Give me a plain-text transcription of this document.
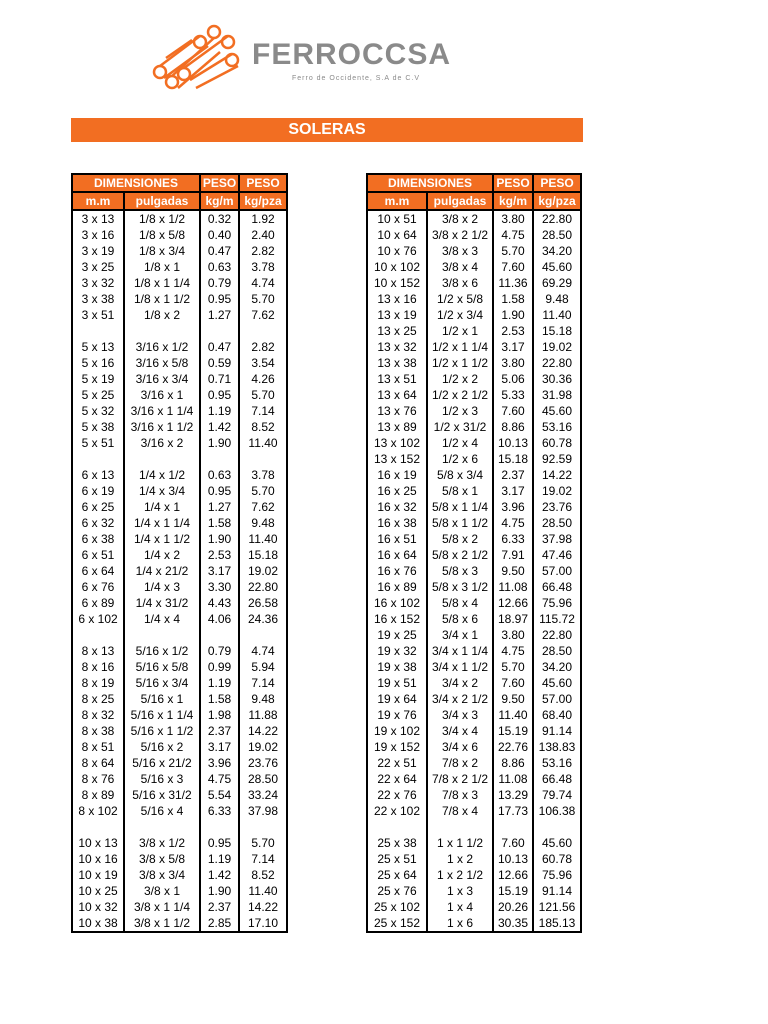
FERROCCSA
Ferro de Occidente, S.A de C.V
SOLERAS
DIMENSIONES		PESO	PESO
m.m	pulgadas	kg/m	kg/pza
3 x 13	1/8 x 1/2	0.32	1.92
3 x 16	1/8 x 5/8	0.40	2.40
3 x 19	1/8 x 3/4	0.47	2.82
3 x 25	1/8 x 1	0.63	3.78
3 x 32	1/8 x 1 1/4	0.79	4.74
3 x 38	1/8 x 1 1/2	0.95	5.70
3 x 51	1/8 x 2	1.27	7.62

5 x 13	3/16 x 1/2	0.47	2.82
5 x 16	3/16 x 5/8	0.59	3.54
5 x 19	3/16 x 3/4	0.71	4.26
5 x 25	3/16 x 1	0.95	5.70
5 x 32	3/16 x 1 1/4	1.19	7.14
5 x 38	3/16 x 1 1/2	1.42	8.52
5 x 51	3/16 x 2	1.90	11.40

6 x 13	1/4 x 1/2	0.63	3.78
6 x 19	1/4 x 3/4	0.95	5.70
6 x 25	1/4 x 1	1.27	7.62
6 x 32	1/4 x 1 1/4	1.58	9.48
6 x 38	1/4 x 1 1/2	1.90	11.40
6 x 51	1/4 x 2	2.53	15.18
6 x 64	1/4 x 21/2	3.17	19.02
6 x 76	1/4 x 3	3.30	22.80
6 x 89	1/4 x 31/2	4.43	26.58
6 x 102	1/4 x 4	4.06	24.36

8 x 13	5/16 x 1/2	0.79	4.74
8 x 16	5/16 x 5/8	0.99	5.94
8 x 19	5/16 x 3/4	1.19	7.14
8 x 25	5/16 x 1	1.58	9.48
8 x 32	5/16 x 1 1/4	1.98	11.88
8 x 38	5/16 x 1 1/2	2.37	14.22
8 x 51	5/16 x 2	3.17	19.02
8 x 64	5/16 x 21/2	3.96	23.76
8 x 76	5/16 x 3	4.75	28.50
8 x 89	5/16 x 31/2	5.54	33.24
8 x 102	5/16 x 4	6.33	37.98

10 x 13	3/8 x 1/2	0.95	5.70
10 x 16	3/8 x 5/8	1.19	7.14
10 x 19	3/8 x 3/4	1.42	8.52
10 x 25	3/8 x 1	1.90	11.40
10 x 32	3/8 x 1 1/4	2.37	14.22
10 x 38	3/8 x 1 1/2	2.85	17.10
DIMENSIONES		PESO	PESO
m.m	pulgadas	kg/m	kg/pza
10 x 51	3/8 x 2	3.80	22.80
10 x 64	3/8 x 2 1/2	4.75	28.50
10 x 76	3/8 x 3	5.70	34.20
10 x 102	3/8 x 4	7.60	45.60
10 x 152	3/8 x 6	11.36	69.29
13 x 16	1/2 x 5/8	1.58	9.48
13 x 19	1/2 x 3/4	1.90	11.40
13 x 25	1/2 x 1	2.53	15.18
13 x 32	1/2 x 1 1/4	3.17	19.02
13 x 38	1/2 x 1 1/2	3.80	22.80
13 x 51	1/2 x 2	5.06	30.36
13 x 64	1/2 x 2 1/2	5.33	31.98
13 x 76	1/2 x 3	7.60	45.60
13 x 89	1/2 x 31/2	8.86	53.16
13 x 102	1/2 x 4	10.13	60.78
13 x 152	1/2 x 6	15.18	92.59
16 x 19	5/8 x 3/4	2.37	14.22
16 x 25	5/8 x 1	3.17	19.02
16 x 32	5/8 x 1 1/4	3.96	23.76
16 x 38	5/8 x 1 1/2	4.75	28.50
16 x 51	5/8 x 2	6.33	37.98
16 x 64	5/8 x 2 1/2	7.91	47.46
16 x 76	5/8 x 3	9.50	57.00
16 x 89	5/8 x 3 1/2	11.08	66.48
16 x 102	5/8 x 4	12.66	75.96
16 x 152	5/8 x 6	18.97	115.72
19 x 25	3/4 x 1	3.80	22.80
19 x 32	3/4 x 1 1/4	4.75	28.50
19 x 38	3/4 x 1 1/2	5.70	34.20
19 x 51	3/4 x 2	7.60	45.60
19 x 64	3/4 x 2 1/2	9.50	57.00
19 x 76	3/4 x 3	11.40	68.40
19 x 102	3/4 x 4	15.19	91.14
19 x 152	3/4 x 6	22.76	138.83
22 x 51	7/8 x 2	8.86	53.16
22 x 64	7/8 x 2 1/2	11.08	66.48
22 x 76	7/8 x 3	13.29	79.74
22 x 102	7/8 x 4	17.73	106.38

25 x 38	1 x 1 1/2	7.60	45.60
25 x 51	1 x 2	10.13	60.78
25 x 64	1 x 2 1/2	12.66	75.96
25 x 76	1 x 3	15.19	91.14
25 x 102	1 x 4	20.26	121.56
25 x 152	1 x 6	30.35	185.13
